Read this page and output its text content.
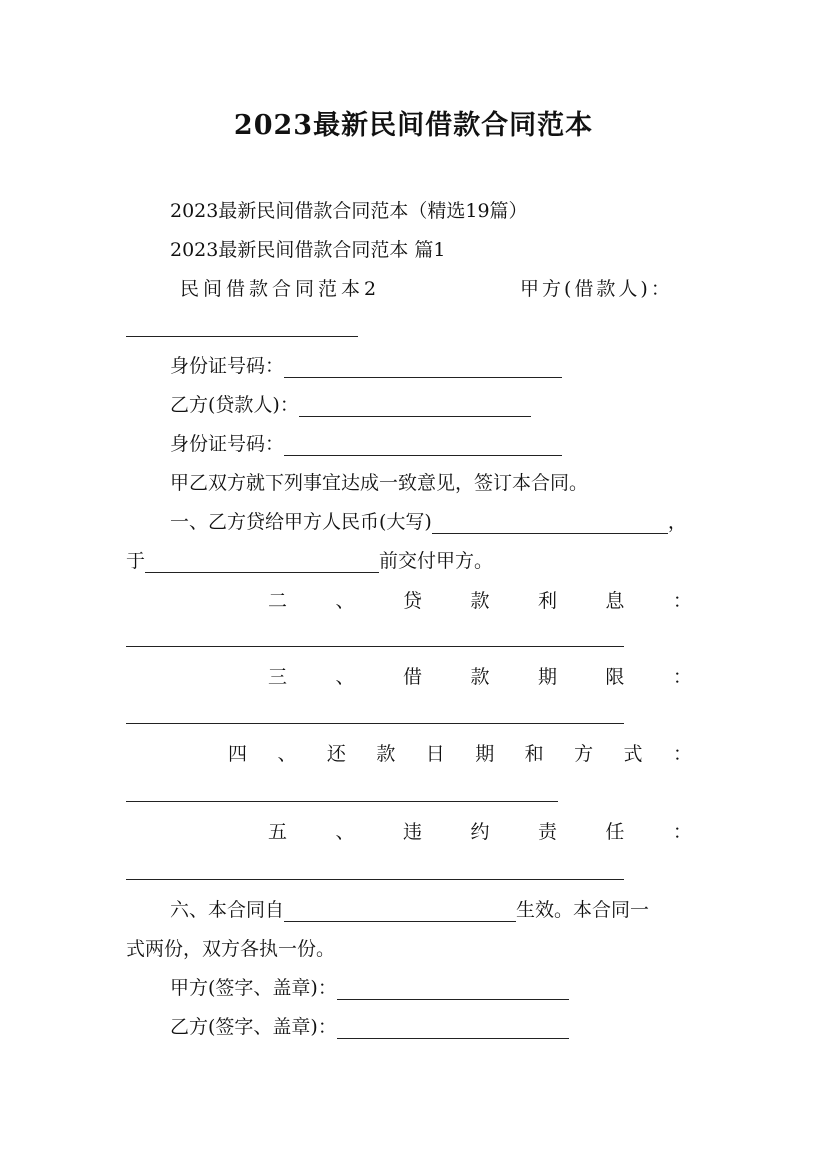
2023最新民间借款合同范本
2023最新民间借款合同范本（精选19篇）
2023最新民间借款合同范本 篇1
民间借款合同范本2	甲方(借款人)：
身份证号码：
乙方(贷款人)：
身份证号码：
甲乙双方就下列事宜达成一致意见，签订本合同。
一、乙方贷给甲方人民币(大写)	，
于	前交付甲方。
二	、	贷	款	利	息	：
三	、	借	款	期	限	：
四 、 还 款 日 期 和 方 式 ：
五	、	违	约	责	任	：
六、本合同自	生效。本合同一
式两份，双方各执一份。
甲方(签字、盖章)：
乙方(签字、盖章)：
